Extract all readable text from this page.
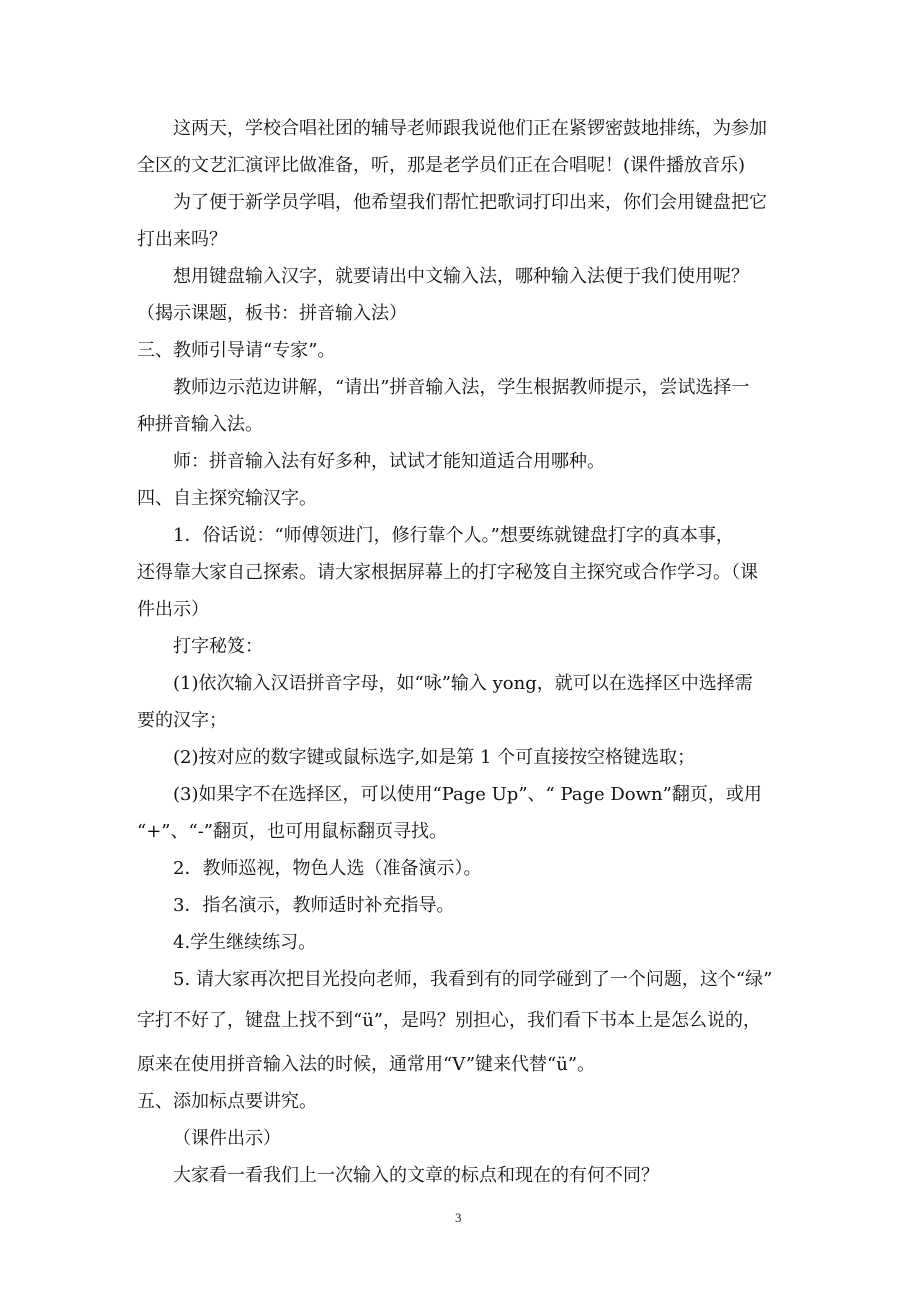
这两天，学校合唱社团的辅导老师跟我说他们正在紧锣密鼓地排练，为参加
全区的文艺汇演评比做准备，听，那是老学员们正在合唱呢！(课件播放音乐)
为了便于新学员学唱，他希望我们帮忙把歌词打印出来，你们会用键盘把它
打出来吗？
想用键盘输入汉字，就要请出中文输入法，哪种输入法便于我们使用呢？
（揭示课题，板书：拼音输入法）
三、教师引导请“专家”。
教师边示范边讲解，“请出”拼音输入法，学生根据教师提示，尝试选择一
种拼音输入法。
师：拼音输入法有好多种，试试才能知道适合用哪种。
四、自主探究输汉字。
1．俗话说：“师傅领进门，修行靠个人。”想要练就键盘打字的真本事，
还得靠大家自己探索。请大家根据屏幕上的打字秘笈自主探究或合作学习。（课
件出示）
打字秘笈：
(1)依次输入汉语拼音字母，如“咏”输入 yong，就可以在选择区中选择需
要的汉字；
(2)按对应的数字键或鼠标选字,如是第 1 个可直接按空格键选取；
(3)如果字不在选择区，可以使用“Page Up”、“ Page Down”翻页，或用
“+”、“-”翻页，也可用鼠标翻页寻找。
2．教师巡视，物色人选（准备演示）。
3．指名演示，教师适时补充指导。
4.学生继续练习。
5. 请大家再次把目光投向老师，我看到有的同学碰到了一个问题，这个“绿”
字打不好了，键盘上找不到“ü”，是吗？别担心，我们看下书本上是怎么说的，
原来在使用拼音输入法的时候，通常用“V”键来代替“ü”。
五、添加标点要讲究。
（课件出示）
大家看一看我们上一次输入的文章的标点和现在的有何不同？
3
